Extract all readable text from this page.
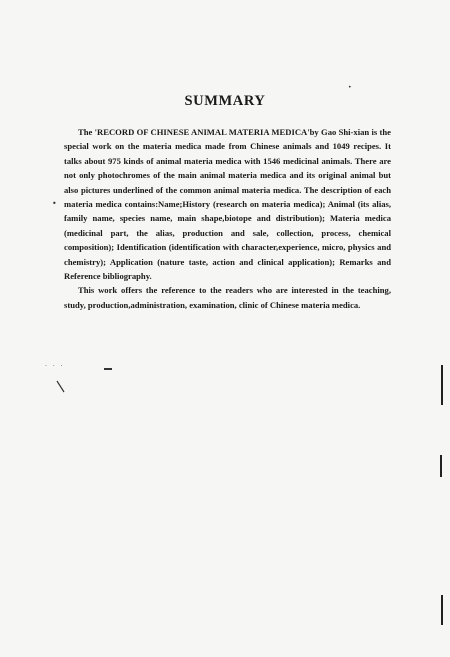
SUMMARY

The 'RECORD OF CHINESE ANIMAL MATERIA MEDICA'by Gao Shi-xian is the special work on the materia medica made from Chinese animals and 1049 recipes. It talks about 975 kinds of animal materia medica with 1546 medicinal animals. There are not only photochromes of the main animal materia medica and its original animal but also pictures underlined of the common animal materia medica. The description of each materia medica contains:Name;History (research on materia medica); Animal (its alias, family name, species name, main shape,biotope and distribution); Materia medica (medicinal part, the alias, production and sale, collection, process, chemical composition); Identification (identification with character,experience, micro, physics and chemistry); Application (nature taste, action and clinical application); Remarks and Reference bibliography.

This work offers the reference to the readers who are interested in the teaching, study, production,administration, examination, clinic of Chinese materia medica.

•
•
· · ·
